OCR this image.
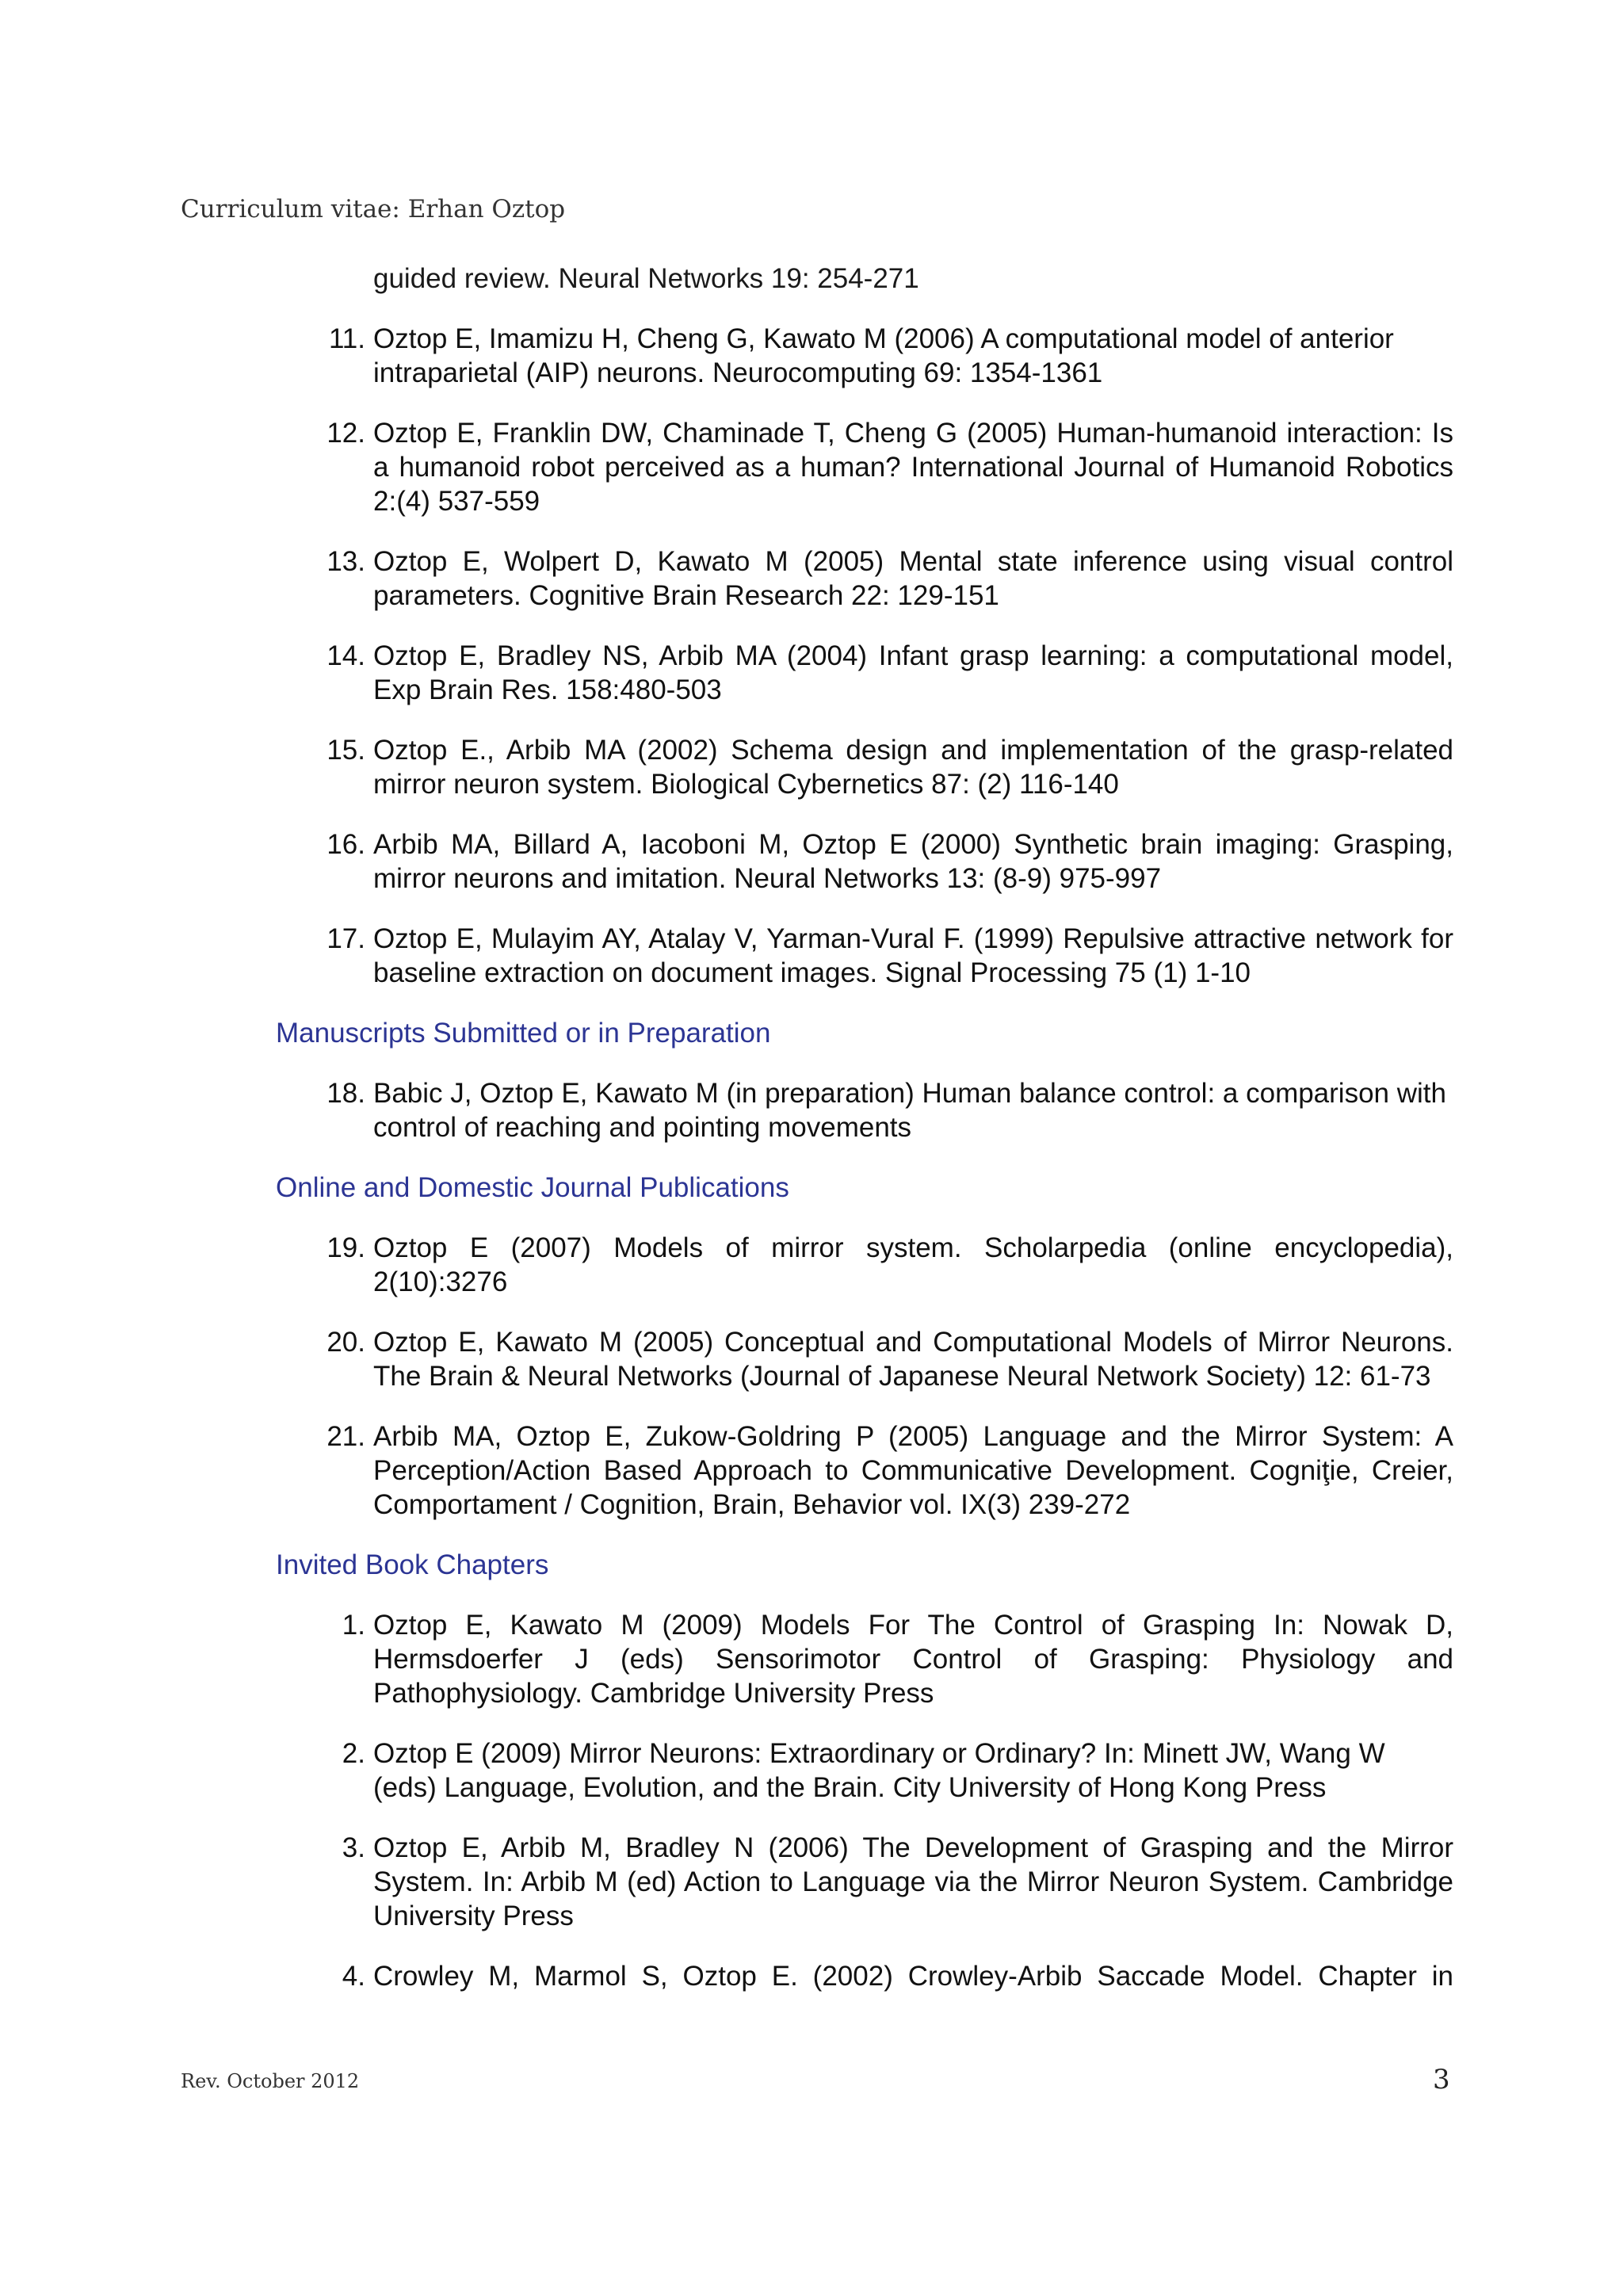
Curriculum vitae: Erhan Oztop
guided review. Neural Networks 19: 254-271
11. Oztop E, Imamizu H, Cheng G, Kawato M (2006) A computational model of anterior intraparietal (AIP) neurons. Neurocomputing 69: 1354-1361
12. Oztop E, Franklin DW, Chaminade T, Cheng G (2005) Human-humanoid interaction: Is a humanoid robot perceived as a human? International Journal of Humanoid Robotics 2:(4) 537-559
13. Oztop E, Wolpert D, Kawato M (2005) Mental state inference using visual control parameters. Cognitive Brain Research 22: 129-151
14. Oztop E, Bradley NS, Arbib MA (2004) Infant grasp learning: a computational model, Exp Brain Res. 158:480-503
15. Oztop E., Arbib MA (2002) Schema design and implementation of the grasp-related mirror neuron system. Biological Cybernetics 87: (2) 116-140
16. Arbib MA, Billard A, Iacoboni M, Oztop E (2000) Synthetic brain imaging: Grasping, mirror neurons and imitation. Neural Networks 13: (8-9) 975-997
17. Oztop E, Mulayim AY, Atalay V, Yarman-Vural F. (1999) Repulsive attractive network for baseline extraction on document images. Signal Processing 75 (1) 1-10
Manuscripts Submitted or in Preparation
18. Babic J, Oztop E, Kawato M (in preparation) Human balance control: a comparison with control of reaching and pointing movements
Online and Domestic Journal Publications
19. Oztop E (2007) Models of mirror system. Scholarpedia (online encyclopedia), 2(10):3276
20. Oztop E, Kawato M (2005) Conceptual and Computational Models of Mirror Neurons. The Brain & Neural Networks (Journal of Japanese Neural Network Society) 12: 61-73
21. Arbib MA, Oztop E, Zukow-Goldring P (2005) Language and the Mirror System: A Perception/Action Based Approach to Communicative Development. Cogniţie, Creier, Comportament / Cognition, Brain, Behavior vol. IX(3) 239-272
Invited Book Chapters
1. Oztop E, Kawato M (2009) Models For The Control of Grasping In: Nowak D, Hermsdoerfer J (eds) Sensorimotor Control of Grasping: Physiology and Pathophysiology. Cambridge University Press
2. Oztop E (2009) Mirror Neurons: Extraordinary or Ordinary? In: Minett JW, Wang W (eds) Language, Evolution, and the Brain. City University of Hong Kong Press
3. Oztop E, Arbib M, Bradley N (2006) The Development of Grasping and the Mirror System. In: Arbib M (ed) Action to Language via the Mirror Neuron System. Cambridge University Press
4. Crowley M, Marmol S, Oztop E. (2002) Crowley-Arbib Saccade Model. Chapter in
Rev. October 2012	3
